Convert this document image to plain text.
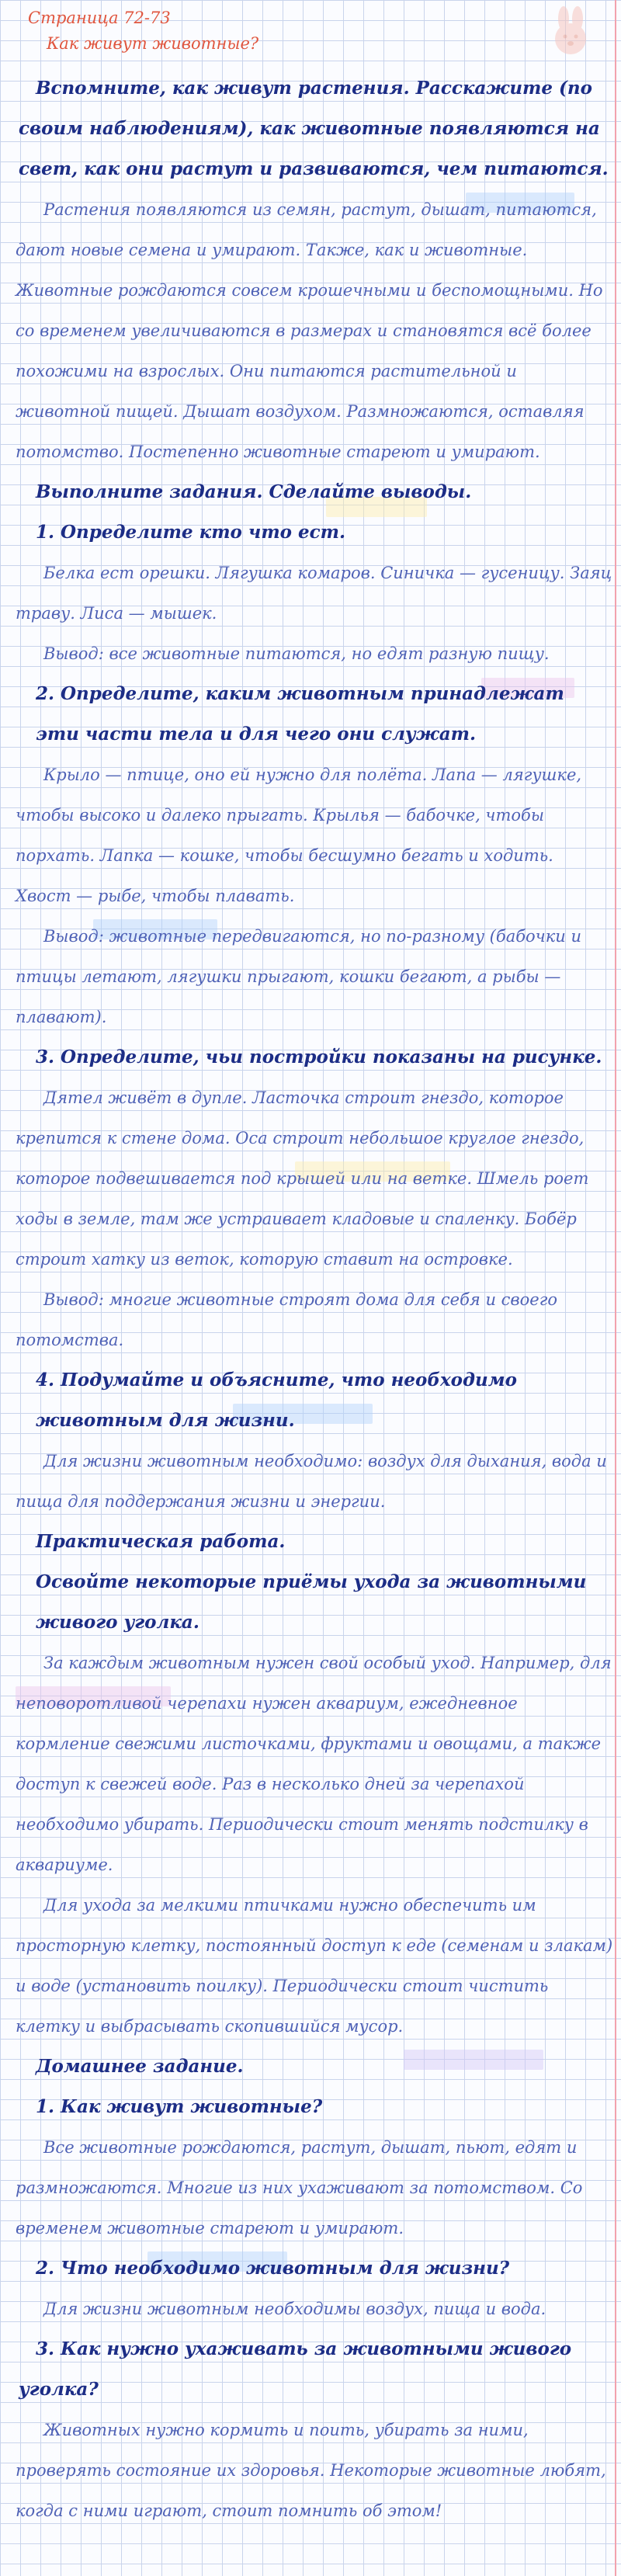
Страница 72-73
Как живут животные?

Вспомните, как живут растения. Расскажите (по своим наблюдениям), как животные появляются на свет, как они растут и развиваются, чем питаются.

Растения появляются из семян, растут, дышат, питаются, дают новые семена и умирают. Также, как и животные. Животные рождаются совсем крошечными и беспомощными. Но со временем увеличиваются в размерах и становятся всё более похожими на взрослых. Они питаются растительной и животной пищей. Дышат воздухом. Размножаются, оставляя потомство. Постепенно животные стареют и умирают.

Выполните задания. Сделайте выводы.

1. Определите кто что ест.

Белка ест орешки. Лягушка комаров. Синичка — гусеницу. Заяц траву. Лиса — мышек.

Вывод: все животные питаются, но едят разную пищу.

2. Определите, каким животным принадлежат эти части тела и для чего они служат.

Крыло — птице, оно ей нужно для полёта. Лапа — лягушке, чтобы высоко и далеко прыгать. Крылья — бабочке, чтобы порхать. Лапка — кошке, чтобы бесшумно бегать и ходить. Хвост — рыбе, чтобы плавать.

Вывод: животные передвигаются, но по-разному (бабочки и птицы летают, лягушки прыгают, кошки бегают, а рыбы — плавают).

3. Определите, чьи постройки показаны на рисунке.

Дятел живёт в дупле. Ласточка строит гнездо, которое крепится к стене дома. Оса строит небольшое круглое гнездо, которое подвешивается под крышей или на ветке. Шмель роет ходы в земле, там же устраивает кладовые и спаленку. Бобёр строит хатку из веток, которую ставит на островке.

Вывод: многие животные строят дома для себя и своего потомства.

4. Подумайте и объясните, что необходимо животным для жизни.

Для жизни животным необходимо: воздух для дыхания, вода и пища для поддержания жизни и энергии.

Практическая работа.

Освойте некоторые приёмы ухода за животными живого уголка.

За каждым животным нужен свой особый уход. Например, для неповоротливой черепахи нужен аквариум, ежедневное кормление свежими листочками, фруктами и овощами, а также доступ к свежей воде. Раз в несколько дней за черепахой необходимо убирать. Периодически стоит менять подстилку в аквариуме.

Для ухода за мелкими птичками нужно обеспечить им просторную клетку, постоянный доступ к еде (семенам и злакам) и воде (установить поилку). Периодически стоит чистить клетку и выбрасывать скопившийся мусор.

Домашнее задание.

1. Как живут животные?

Все животные рождаются, растут, дышат, пьют, едят и размножаются. Многие из них ухаживают за потомством. Со временем животные стареют и умирают.

2. Что необходимо животным для жизни?

Для жизни животным необходимы воздух, пища и вода.

3. Как нужно ухаживать за животными живого уголка?

Животных нужно кормить и поить, убирать за ними, проверять состояние их здоровья. Некоторые животные любят, когда с ними играют, стоит помнить об этом!
